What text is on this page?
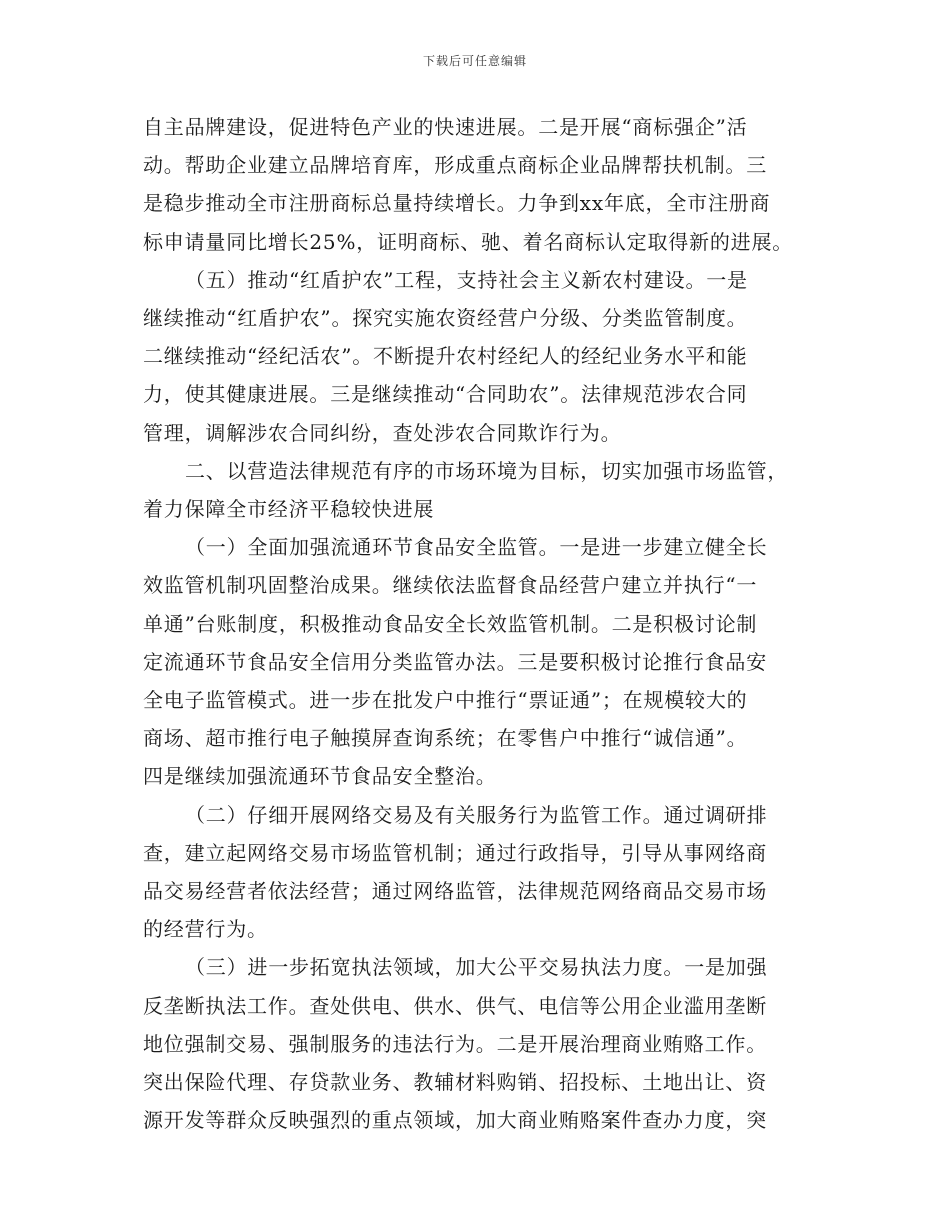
下载后可任意编辑

自主品牌建设，促进特色产业的快速进展。二是开展“商标强企”活
动。帮助企业建立品牌培育库，形成重点商标企业品牌帮扶机制。三
是稳步推动全市注册商标总量持续增长。力争到xx年底，全市注册商
标申请量同比增长25%，证明商标、驰、着名商标认定取得新的进展。
（五）推动“红盾护农”工程，支持社会主义新农村建设。一是
继续推动“红盾护农”。探究实施农资经营户分级、分类监管制度。
二继续推动“经纪活农”。不断提升农村经纪人的经纪业务水平和能
力，使其健康进展。三是继续推动“合同助农”。法律规范涉农合同
管理，调解涉农合同纠纷，查处涉农合同欺诈行为。
二、以营造法律规范有序的市场环境为目标，切实加强市场监管，
着力保障全市经济平稳较快进展
（一）全面加强流通环节食品安全监管。一是进一步建立健全长
效监管机制巩固整治成果。继续依法监督食品经营户建立并执行“一
单通”台账制度，积极推动食品安全长效监管机制。二是积极讨论制
定流通环节食品安全信用分类监管办法。三是要积极讨论推行食品安
全电子监管模式。进一步在批发户中推行“票证通”；在规模较大的
商场、超市推行电子触摸屏查询系统；在零售户中推行“诚信通”。
四是继续加强流通环节食品安全整治。
（二）仔细开展网络交易及有关服务行为监管工作。通过调研排
查，建立起网络交易市场监管机制；通过行政指导，引导从事网络商
品交易经营者依法经营；通过网络监管，法律规范网络商品交易市场
的经营行为。
（三）进一步拓宽执法领域，加大公平交易执法力度。一是加强
反垄断执法工作。查处供电、供水、供气、电信等公用企业滥用垄断
地位强制交易、强制服务的违法行为。二是开展治理商业贿赂工作。
突出保险代理、存贷款业务、教辅材料购销、招投标、土地出让、资
源开发等群众反映强烈的重点领域，加大商业贿赂案件查办力度，突
